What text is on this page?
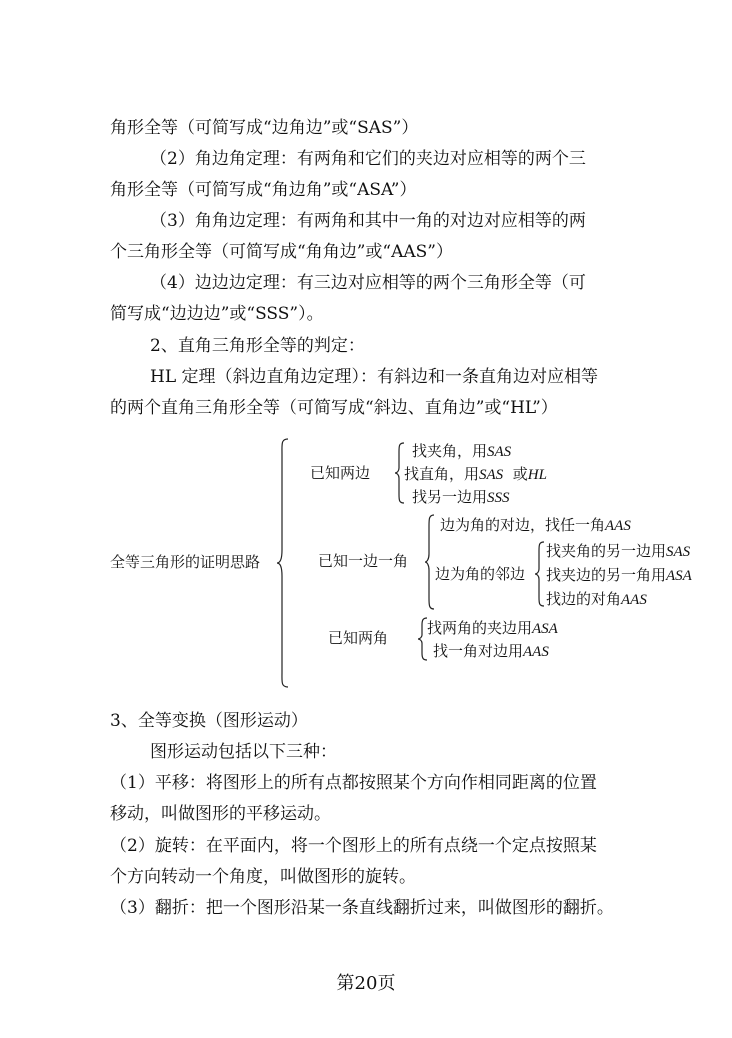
角形全等（可简写成“边角边”或“SAS”）
（2）角边角定理：有两角和它们的夹边对应相等的两个三
角形全等（可简写成“角边角”或“ASA”）
（3）角角边定理：有两角和其中一角的对边对应相等的两
个三角形全等（可简写成“角角边”或“AAS”）
（4）边边边定理：有三边对应相等的两个三角形全等（可
简写成“边边边”或“SSS”）。
2、直角三角形全等的判定：
HL 定理（斜边直角边定理）：有斜边和一条直角边对应相等
的两个直角三角形全等（可简写成“斜边、直角边”或“HL”）
全等三角形的证明思路
已知两边
找夹角，用SAS
找直角，用SAS  或HL
找另一边用SSS
已知一边一角
边为角的对边，找任一角AAS
边为角的邻边
找夹角的另一边用SAS
找夹边的另一角用ASA
找边的对角AAS
已知两角
找两角的夹边用ASA
找一角对边用AAS
3、全等变换（图形运动）
图形运动包括以下三种：
（1）平移：将图形上的所有点都按照某个方向作相同距离的位置
移动，叫做图形的平移运动。
（2）旋转：在平面内，将一个图形上的所有点绕一个定点按照某
个方向转动一个角度，叫做图形的旋转。
（3）翻折：把一个图形沿某一条直线翻折过来，叫做图形的翻折。
第20页
